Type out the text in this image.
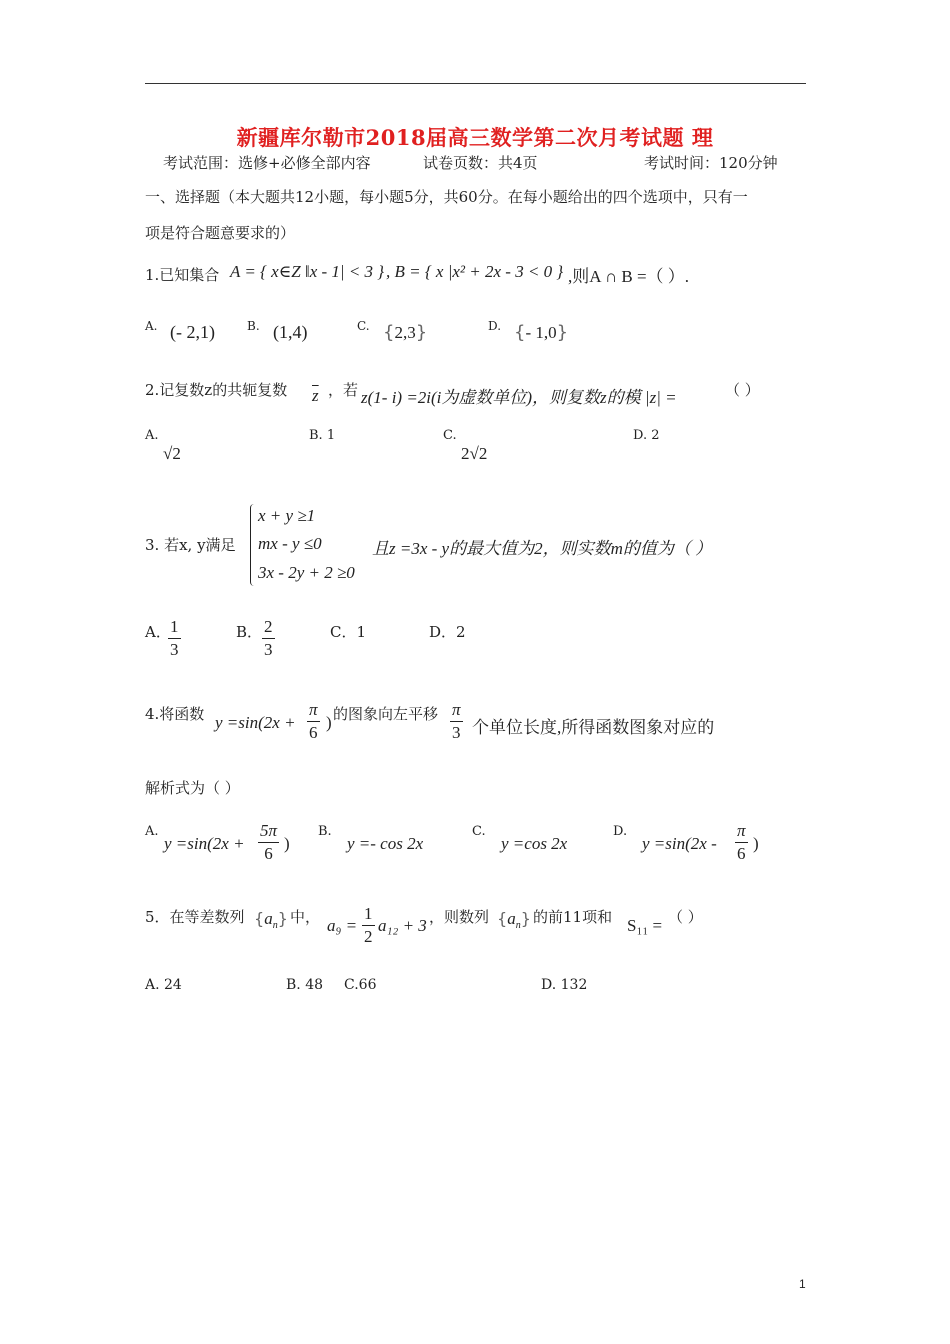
新疆库尔勒市2018届高三数学第二次月考试题 理
考试范围：选修+必修全部内容	试卷页数：共4页	考试时间：120分钟
一、选择题（本大题共12小题，每小题5分，共60分。在每小题给出的四个选项中，只有一
项是符合题意要求的）
1.已知集合 A = { x∈Z ‖x - 1| < 3 } , B = { x |x² + 2x - 3 < 0 } ,则A ∩ B =（ ）.
A. (- 2,1)	B. (1,4)	C. {2,3}	D. {- 1,0}
2.记复数z的共轭复数 $\overline{z}$ ，若 z(1- i) =2i(i为虚数单位)，则复数z的模 |z| =	（ ）
A.
√2
B. 1	C.
2√2
D. 2
3. 若x, y满足
x + y ≥1
mx - y ≤0
3x - 2y + 2 ≥0
且z =3x - y的最大值为2，则实数m的值为（ ）
A．
$\frac{1}{3}$	B． $\frac{2}{3}$	C．1	D．2
4.将函数 $y =\sin(2x + \frac{\pi}{6}$ ) 的图象向左平移 $\frac{\pi}{3}$ 个单位长度,所得函数图象对应的
解析式为（ ）
A.
$y =\sin(2x + \frac{5\pi}{6}$ )
B.
y =- cos 2x
C.
y =cos 2x
D.
$y =\sin(2x - \frac{\pi}{6}$ )
5．在等差数列 $\{a_n\}$ 中， $a_9 = \frac{1}{2} a_{12} + 3$ ，则数列 $\{a_n\}$ 的前11项和 S₁₁ = （ ）
A. 24	B. 48 C.66	D. 132
1
